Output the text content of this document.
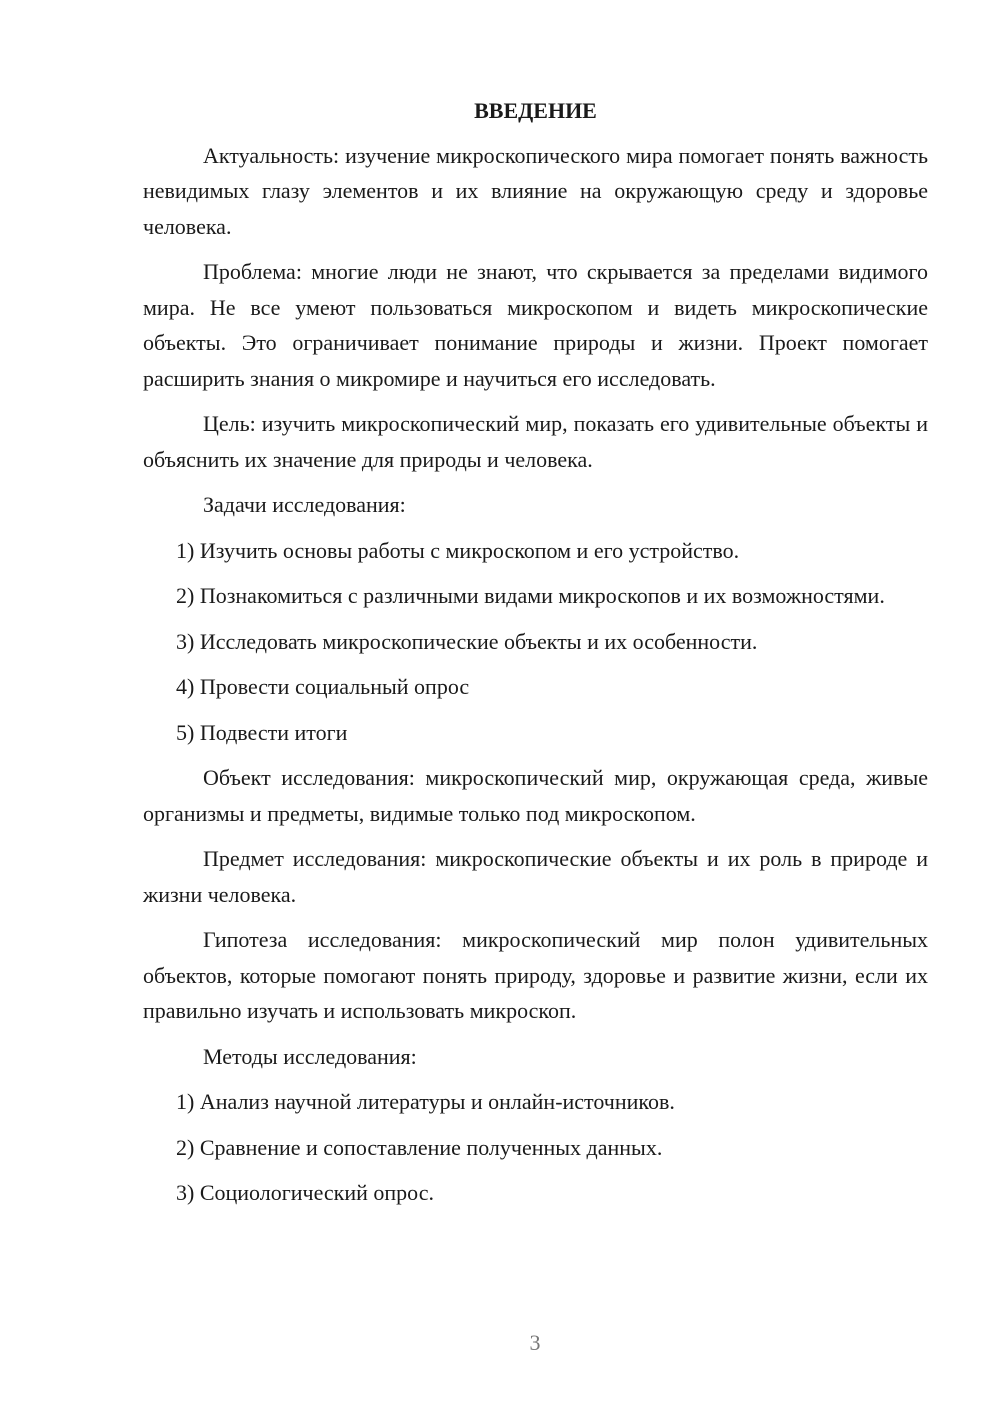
ВВЕДЕНИЕ

Актуальность: изучение микроскопического мира помогает понять важность невидимых глазу элементов и их влияние на окружающую среду и здоровье человека.

Проблема: многие люди не знают, что скрывается за пределами видимого мира. Не все умеют пользоваться микроскопом и видеть микроскопические объекты. Это ограничивает понимание природы и жизни. Проект помогает расширить знания о микромире и научиться его исследовать.

Цель: изучить микроскопический мир, показать его удивительные объекты и объяснить их значение для природы и человека.

Задачи исследования:

1) Изучить основы работы с микроскопом и его устройство.

2) Познакомиться с различными видами микроскопов и их возможностями.

3) Исследовать микроскопические объекты и их особенности.

4) Провести социальный опрос

5) Подвести итоги

Объект исследования: микроскопический мир, окружающая среда, живые организмы и предметы, видимые только под микроскопом.

Предмет исследования: микроскопические объекты и их роль в природе и жизни человека.

Гипотеза исследования: микроскопический мир полон удивительных объектов, которые помогают понять природу, здоровье и развитие жизни, если их правильно изучать и использовать микроскоп.

Методы исследования:

1) Анализ научной литературы и онлайн-источников.

2) Сравнение и сопоставление полученных данных.

3) Социологический опрос.

3
